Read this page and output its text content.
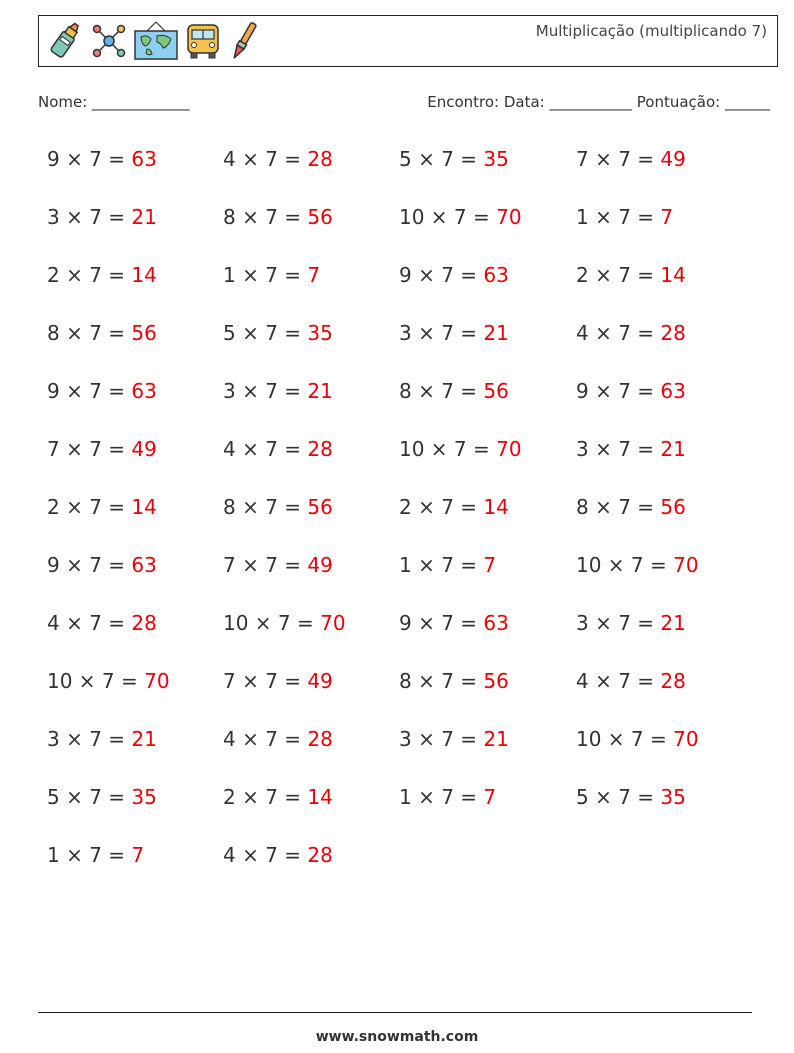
Multiplicação (multiplicando 7)
Nome: _____________	Encontro: Data: ___________ Pontuação: ______
9 × 7 = 63	4 × 7 = 28	5 × 7 = 35	7 × 7 = 49
3 × 7 = 21	8 × 7 = 56	10 × 7 = 70	1 × 7 = 7
2 × 7 = 14	1 × 7 = 7	9 × 7 = 63	2 × 7 = 14
8 × 7 = 56	5 × 7 = 35	3 × 7 = 21	4 × 7 = 28
9 × 7 = 63	3 × 7 = 21	8 × 7 = 56	9 × 7 = 63
7 × 7 = 49	4 × 7 = 28	10 × 7 = 70	3 × 7 = 21
2 × 7 = 14	8 × 7 = 56	2 × 7 = 14	8 × 7 = 56
9 × 7 = 63	7 × 7 = 49	1 × 7 = 7	10 × 7 = 70
4 × 7 = 28	10 × 7 = 70	9 × 7 = 63	3 × 7 = 21
10 × 7 = 70	7 × 7 = 49	8 × 7 = 56	4 × 7 = 28
3 × 7 = 21	4 × 7 = 28	3 × 7 = 21	10 × 7 = 70
5 × 7 = 35	2 × 7 = 14	1 × 7 = 7	5 × 7 = 35
1 × 7 = 7	4 × 7 = 28
www.snowmath.com
